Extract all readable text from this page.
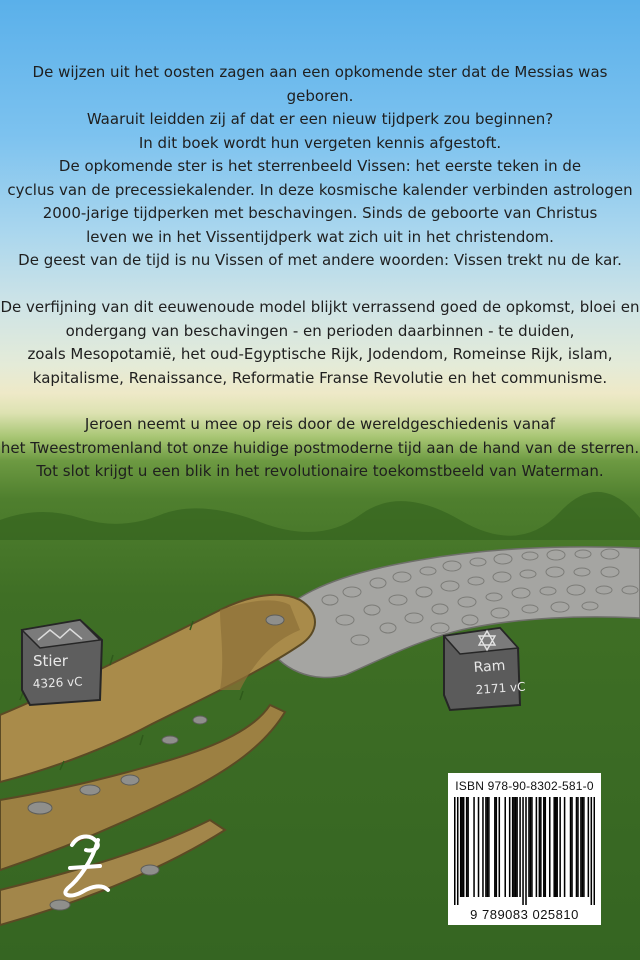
Stier
4326 vC
Ram
2171 vC

De wijzen uit het oosten zagen aan een opkomende ster dat de Messias was geboren.

Waaruit leidden zij af dat er een nieuw tijdperk zou beginnen?

In dit boek wordt hun vergeten kennis afgestoft.

De opkomende ster is het sterrenbeeld Vissen: het eerste teken in de

cyclus van de precessiekalender. In deze kosmische kalender verbinden astrologen

2000-jarige tijdperken met beschavingen. Sinds de geboorte van Christus

leven we in het Vissentijdperk wat zich uit in het christendom.

De geest van de tijd is nu Vissen of met andere woorden: Vissen trekt nu de kar.

De verfijning van dit eeuwenoude model blijkt verrassend goed de opkomst, bloei en

ondergang van beschavingen - en perioden daarbinnen - te duiden,

zoals Mesopotamië, het oud-Egyptische Rijk, Jodendom, Romeinse Rijk, islam,

kapitalisme, Renaissance, Reformatie Franse Revolutie en het communisme.

Jeroen neemt u mee op reis door de wereldgeschiedenis vanaf

het Tweestromenland tot onze huidige postmoderne tijd aan de hand van de sterren.

Tot slot krijgt u een blik in het revolutionaire toekomstbeeld van Waterman.

ISBN 978-90-8302-581-0
9 789083 025810
